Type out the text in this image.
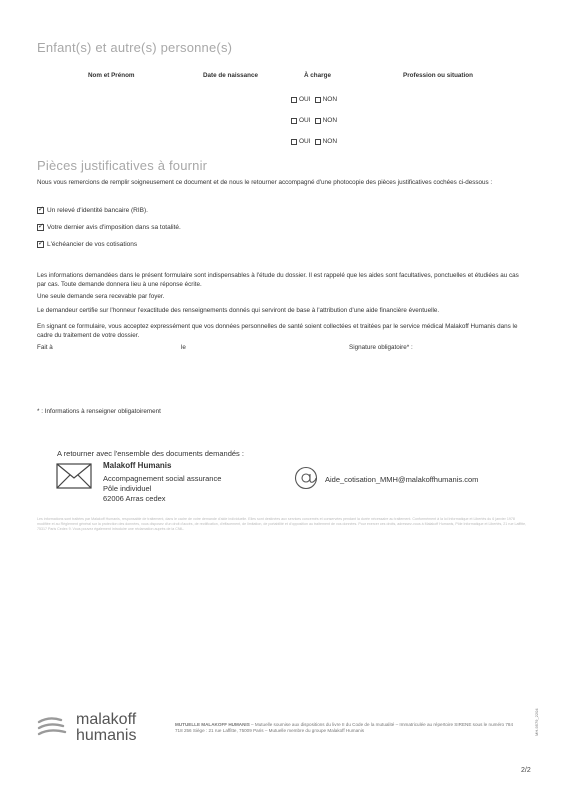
Enfant(s) et autre(s) personne(s)
Nom et Prénom	Date de naissance	À charge	Profession ou situation
OUI NON
OUI NON
OUI NON
Pièces justificatives à fournir
Nous vous remercions de remplir soigneusement ce document et de nous le retourner accompagné d'une photocopie des pièces justificatives cochées ci-dessous :
✓
Un relevé d'identité bancaire (RIB).
✓
Votre dernier avis d'imposition dans sa totalité.
✓
L'échéancier de vos cotisations
Les informations demandées dans le présent formulaire sont indispensables à l'étude du dossier. Il est rappelé que les aides sont facultatives, ponctuelles et étudiées au cas par cas. Toute demande donnera lieu à une réponse écrite.
Une seule demande sera recevable par foyer.
Le demandeur certifie sur l'honneur l'exactitude des renseignements donnés qui serviront de base à l'attribution d'une aide financière éventuelle.
En signant ce formulaire, vous acceptez expressément que vos données personnelles de santé soient collectées et traitées par le service médical Malakoff Humanis dans le cadre du traitement de votre dossier.
Fait à	le	Signature obligatoire* :
* : Informations à renseigner obligatoirement
A retourner avec l'ensemble des documents demandés :
Malakoff Humanis
Accompagnement social assurance
Pôle individuel
62006 Arras cedex
Aide_cotisation_MMH@malakoffhumanis.com
Les informations sont traitées par Malakoff Humanis, responsable de traitement, dans le cadre de votre demande d'aide individuelle. Elles sont destinées aux services concernés et conservées pendant la durée nécessaire au traitement. Conformément à la loi Informatique et Libertés du 6 janvier 1978 modifiée et au Règlement général sur la protection des données, vous disposez d'un droit d'accès, de rectification, d'effacement, de limitation, de portabilité et d'opposition au traitement de vos données. Pour exercer ces droits, adressez-vous à Malakoff Humanis, Pôle Informatique et Libertés, 21 rue Laffitte, 75317 Paris Cedex 9. Vous pouvez également introduire une réclamation auprès de la CNIL.
malakoff
humanis
MUTUELLE MALAKOFF HUMANIS – Mutuelle soumise aux dispositions du livre II du Code de la mutualité – Immatriculée au répertoire SIRENE sous le numéro 784 718 256 Siège : 21 rue Laffitte, 75009 Paris – Mutuelle membre du groupe Malakoff Humanis	MH-9579_2204
2/2
